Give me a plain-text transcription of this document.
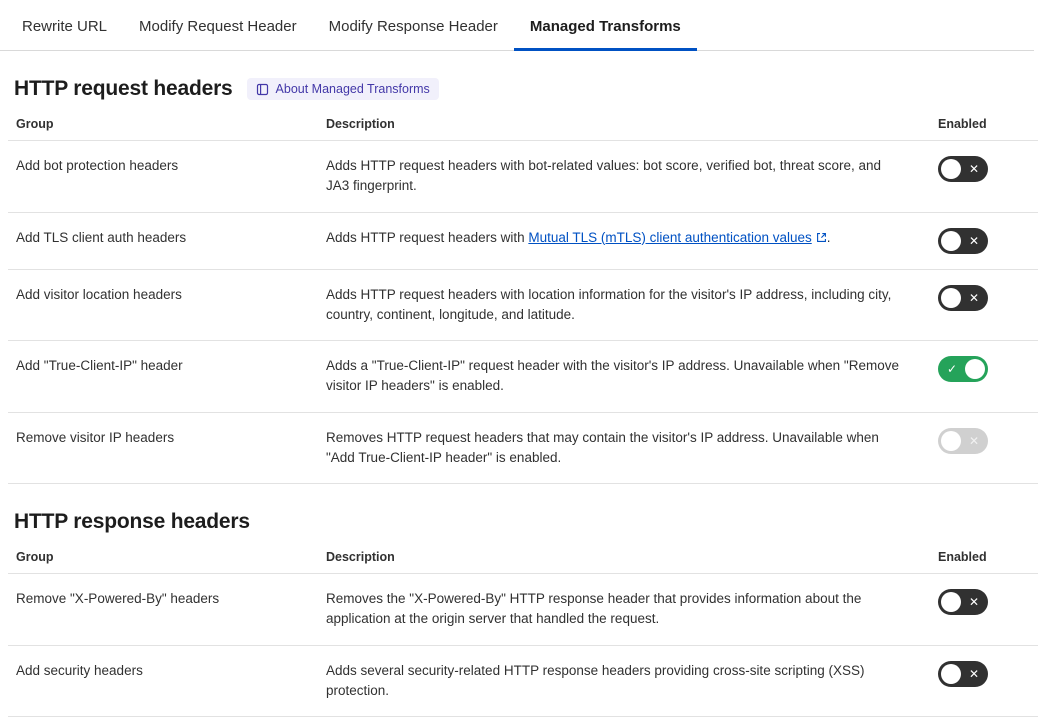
Rewrite URL	Modify Request Header	Modify Response Header	Managed Transforms
HTTP request headers	About Managed Transforms
Group	Description	Enabled
Add bot protection headers	Adds HTTP request headers with bot-related values: bot score, verified bot, threat score, and JA3 fingerprint.	✕

Add TLS client auth headers	Adds HTTP request headers with Mutual TLS (mTLS) client authentication values .	✕

Add visitor location headers	Adds HTTP request headers with location information for the visitor's IP address, including city, country, continent, longitude, and latitude.	✕

Add "True-Client-IP" header	Adds a "True-Client-IP" request header with the visitor's IP address. Unavailable when "Remove visitor IP headers" is enabled.	✓

Remove visitor IP headers	Removes HTTP request headers that may contain the visitor's IP address. Unavailable when "Add True-Client-IP header" is enabled.	✕
HTTP response headers
Group	Description	Enabled
Remove "X-Powered-By" headers	Removes the "X-Powered-By" HTTP response header that provides information about the application at the origin server that handled the request.	✕

Add security headers	Adds several security-related HTTP response headers providing cross-site scripting (XSS) protection.	✕
